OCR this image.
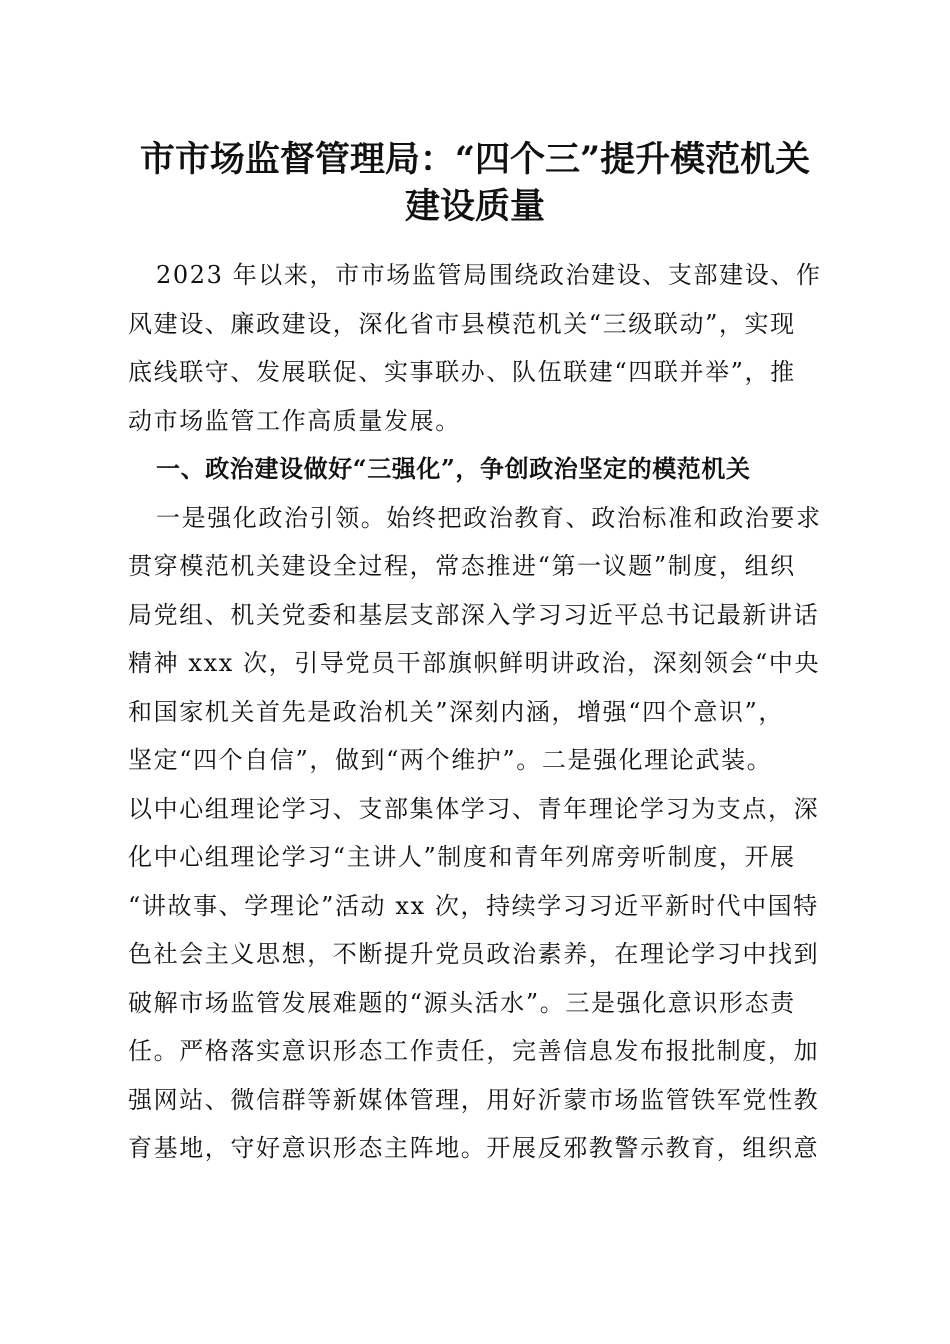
市市场监督管理局：“四个三”提升模范机关
建设质量
2023 年以来，市市场监管局围绕政治建设、支部建设、作
风建设、廉政建设，深化省市县模范机关“三级联动”，实现
底线联守、发展联促、实事联办、队伍联建“四联并举”，推
动市场监管工作高质量发展。
一、政治建设做好“三强化”，争创政治坚定的模范机关
一是强化政治引领。始终把政治教育、政治标准和政治要求
贯穿模范机关建设全过程，常态推进“第一议题”制度，组织
局党组、机关党委和基层支部深入学习习近平总书记最新讲话
精神 xxx 次，引导党员干部旗帜鲜明讲政治，深刻领会“中央
和国家机关首先是政治机关”深刻内涵，增强“四个意识”，
坚定“四个自信”，做到“两个维护”。二是强化理论武装。
以中心组理论学习、支部集体学习、青年理论学习为支点，深
化中心组理论学习“主讲人”制度和青年列席旁听制度，开展
“讲故事、学理论”活动 xx 次，持续学习习近平新时代中国特
色社会主义思想，不断提升党员政治素养，在理论学习中找到
破解市场监管发展难题的“源头活水”。三是强化意识形态责
任。严格落实意识形态工作责任，完善信息发布报批制度，加
强网站、微信群等新媒体管理，用好沂蒙市场监管铁军党性教
育基地，守好意识形态主阵地。开展反邪教警示教育，组织意
